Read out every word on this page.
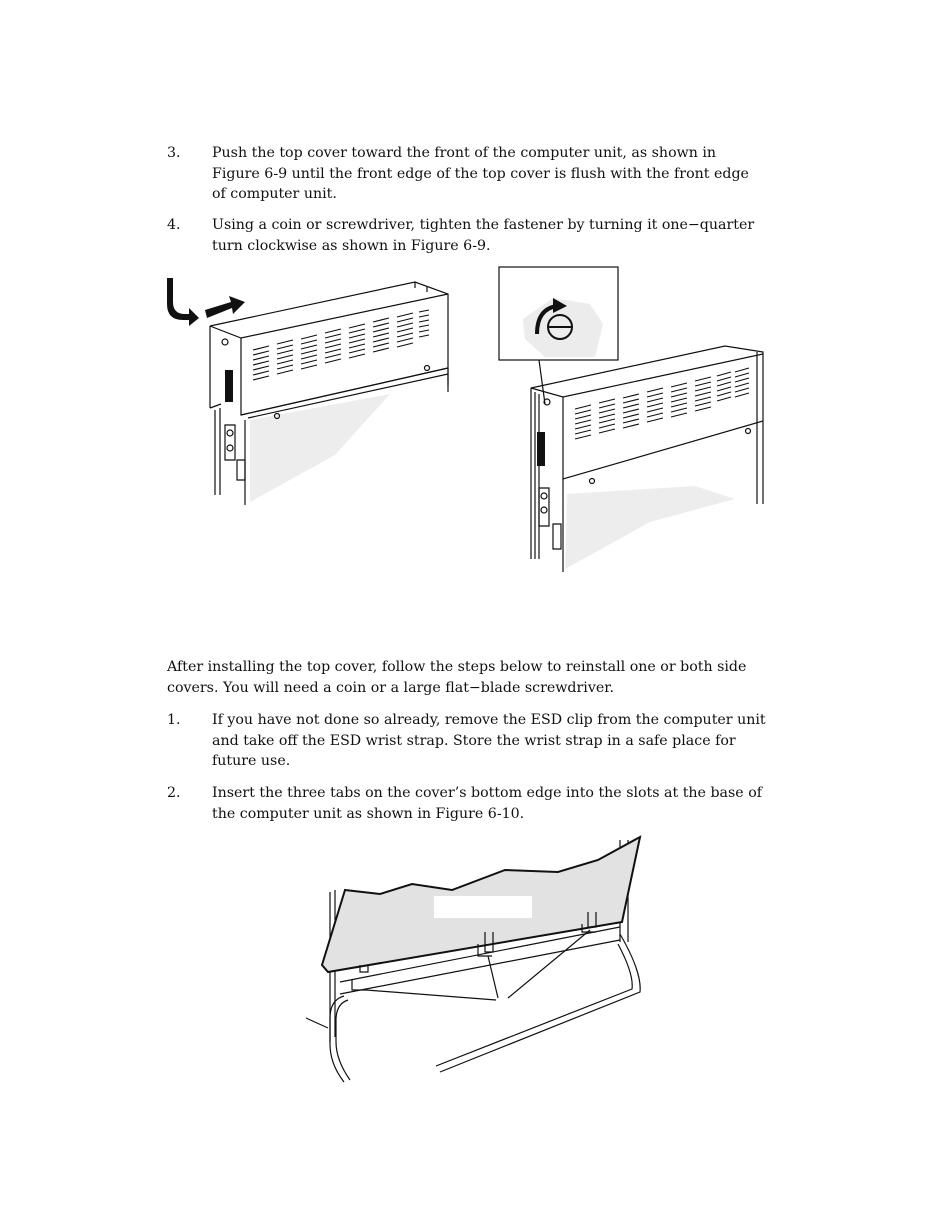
3. Push the top cover toward the front of the computer unit, as shown in Figure 6-9 until the front edge of the top cover is flush with the front edge of computer unit.
4. Using a coin or screwdriver, tighten the fastener by turning it one−quarter turn clockwise as shown in Figure 6-9.
After installing the top cover, follow the steps below to reinstall one or both side covers. You will need a coin or a large flat−blade screwdriver.
1. If you have not done so already, remove the ESD clip from the computer unit and take off the ESD wrist strap. Store the wrist strap in a safe place for future use.
2. Insert the three tabs on the cover’s bottom edge into the slots at the base of the computer unit as shown in Figure 6-10.
